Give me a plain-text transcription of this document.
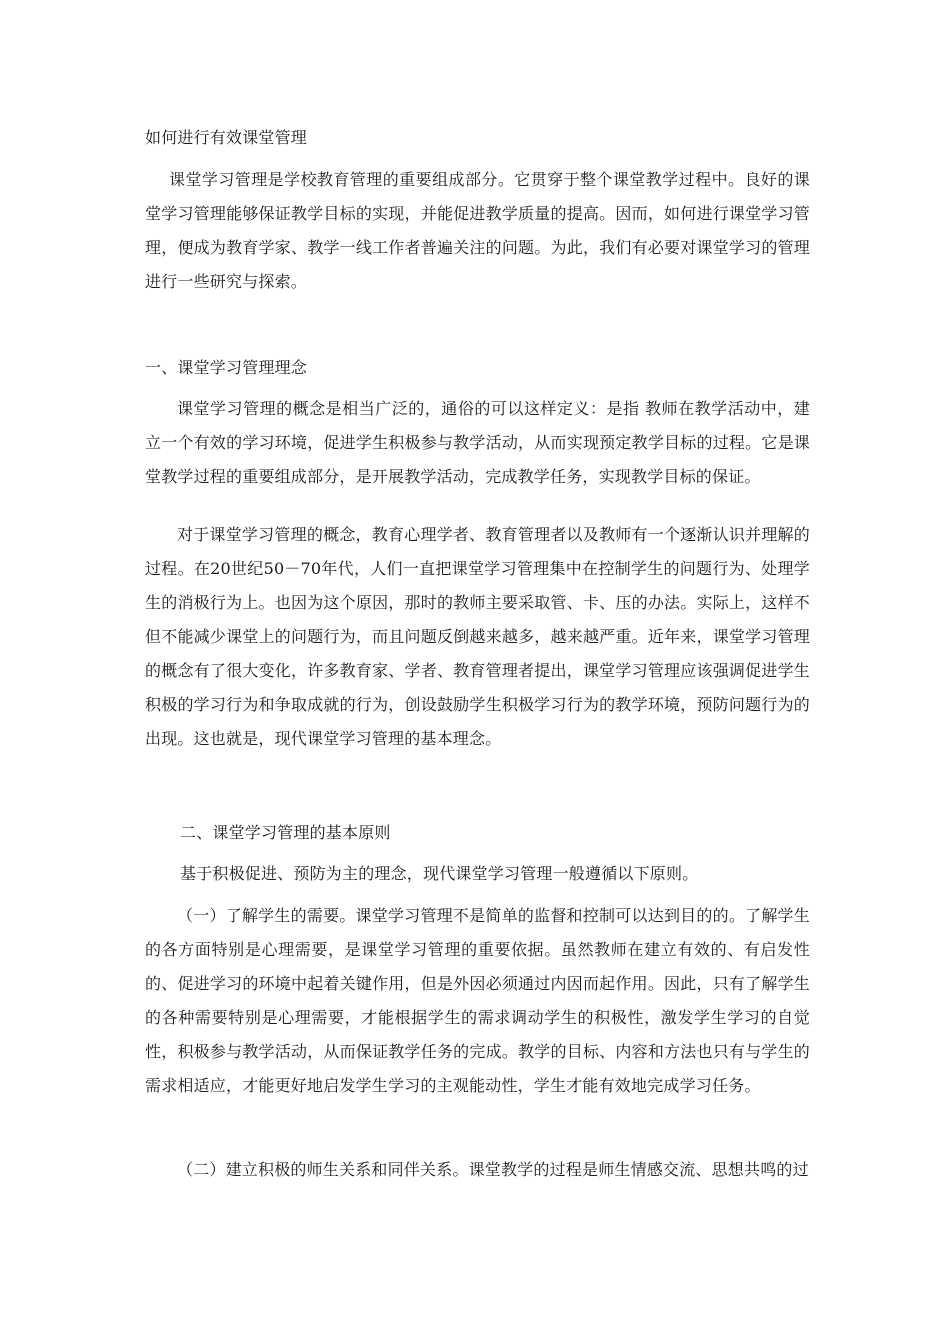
如何进行有效课堂管理

课堂学习管理是学校教育管理的重要组成部分。它贯穿于整个课堂教学过程中。良好的课堂学习管理能够保证教学目标的实现，并能促进教学质量的提高。因而，如何进行课堂学习管理，便成为教育学家、教学一线工作者普遍关注的问题。为此，我们有必要对课堂学习的管理进行一些研究与探索。

一、课堂学习管理理念

课堂学习管理的概念是相当广泛的，通俗的可以这样定义：是指 教师在教学活动中，建立一个有效的学习环境，促进学生积极参与教学活动，从而实现预定教学目标的过程。它是课堂教学过程的重要组成部分，是开展教学活动，完成教学任务，实现教学目标的保证。

对于课堂学习管理的概念，教育心理学者、教育管理者以及教师有一个逐渐认识并理解的过程。在20世纪50－70年代，人们一直把课堂学习管理集中在控制学生的问题行为、处理学生的消极行为上。也因为这个原因，那时的教师主要采取管、卡、压的办法。实际上，这样不但不能减少课堂上的问题行为，而且问题反倒越来越多，越来越严重。近年来，课堂学习管理的概念有了很大变化，许多教育家、学者、教育管理者提出，课堂学习管理应该强调促进学生积极的学习行为和争取成就的行为，创设鼓励学生积极学习行为的教学环境，预防问题行为的出现。这也就是，现代课堂学习管理的基本理念。

二、课堂学习管理的基本原则

基于积极促进、预防为主的理念，现代课堂学习管理一般遵循以下原则。

（一）了解学生的需要。课堂学习管理不是简单的监督和控制可以达到目的的。了解学生的各方面特别是心理需要，是课堂学习管理的重要依据。虽然教师在建立有效的、有启发性的、促进学习的环境中起着关键作用，但是外因必须通过内因而起作用。因此，只有了解学生的各种需要特别是心理需要，才能根据学生的需求调动学生的积极性，激发学生学习的自觉性，积极参与教学活动，从而保证教学任务的完成。教学的目标、内容和方法也只有与学生的需求相适应，才能更好地启发学生学习的主观能动性，学生才能有效地完成学习任务。

（二）建立积极的师生关系和同伴关系。课堂教学的过程是师生情感交流、思想共鸣的过
